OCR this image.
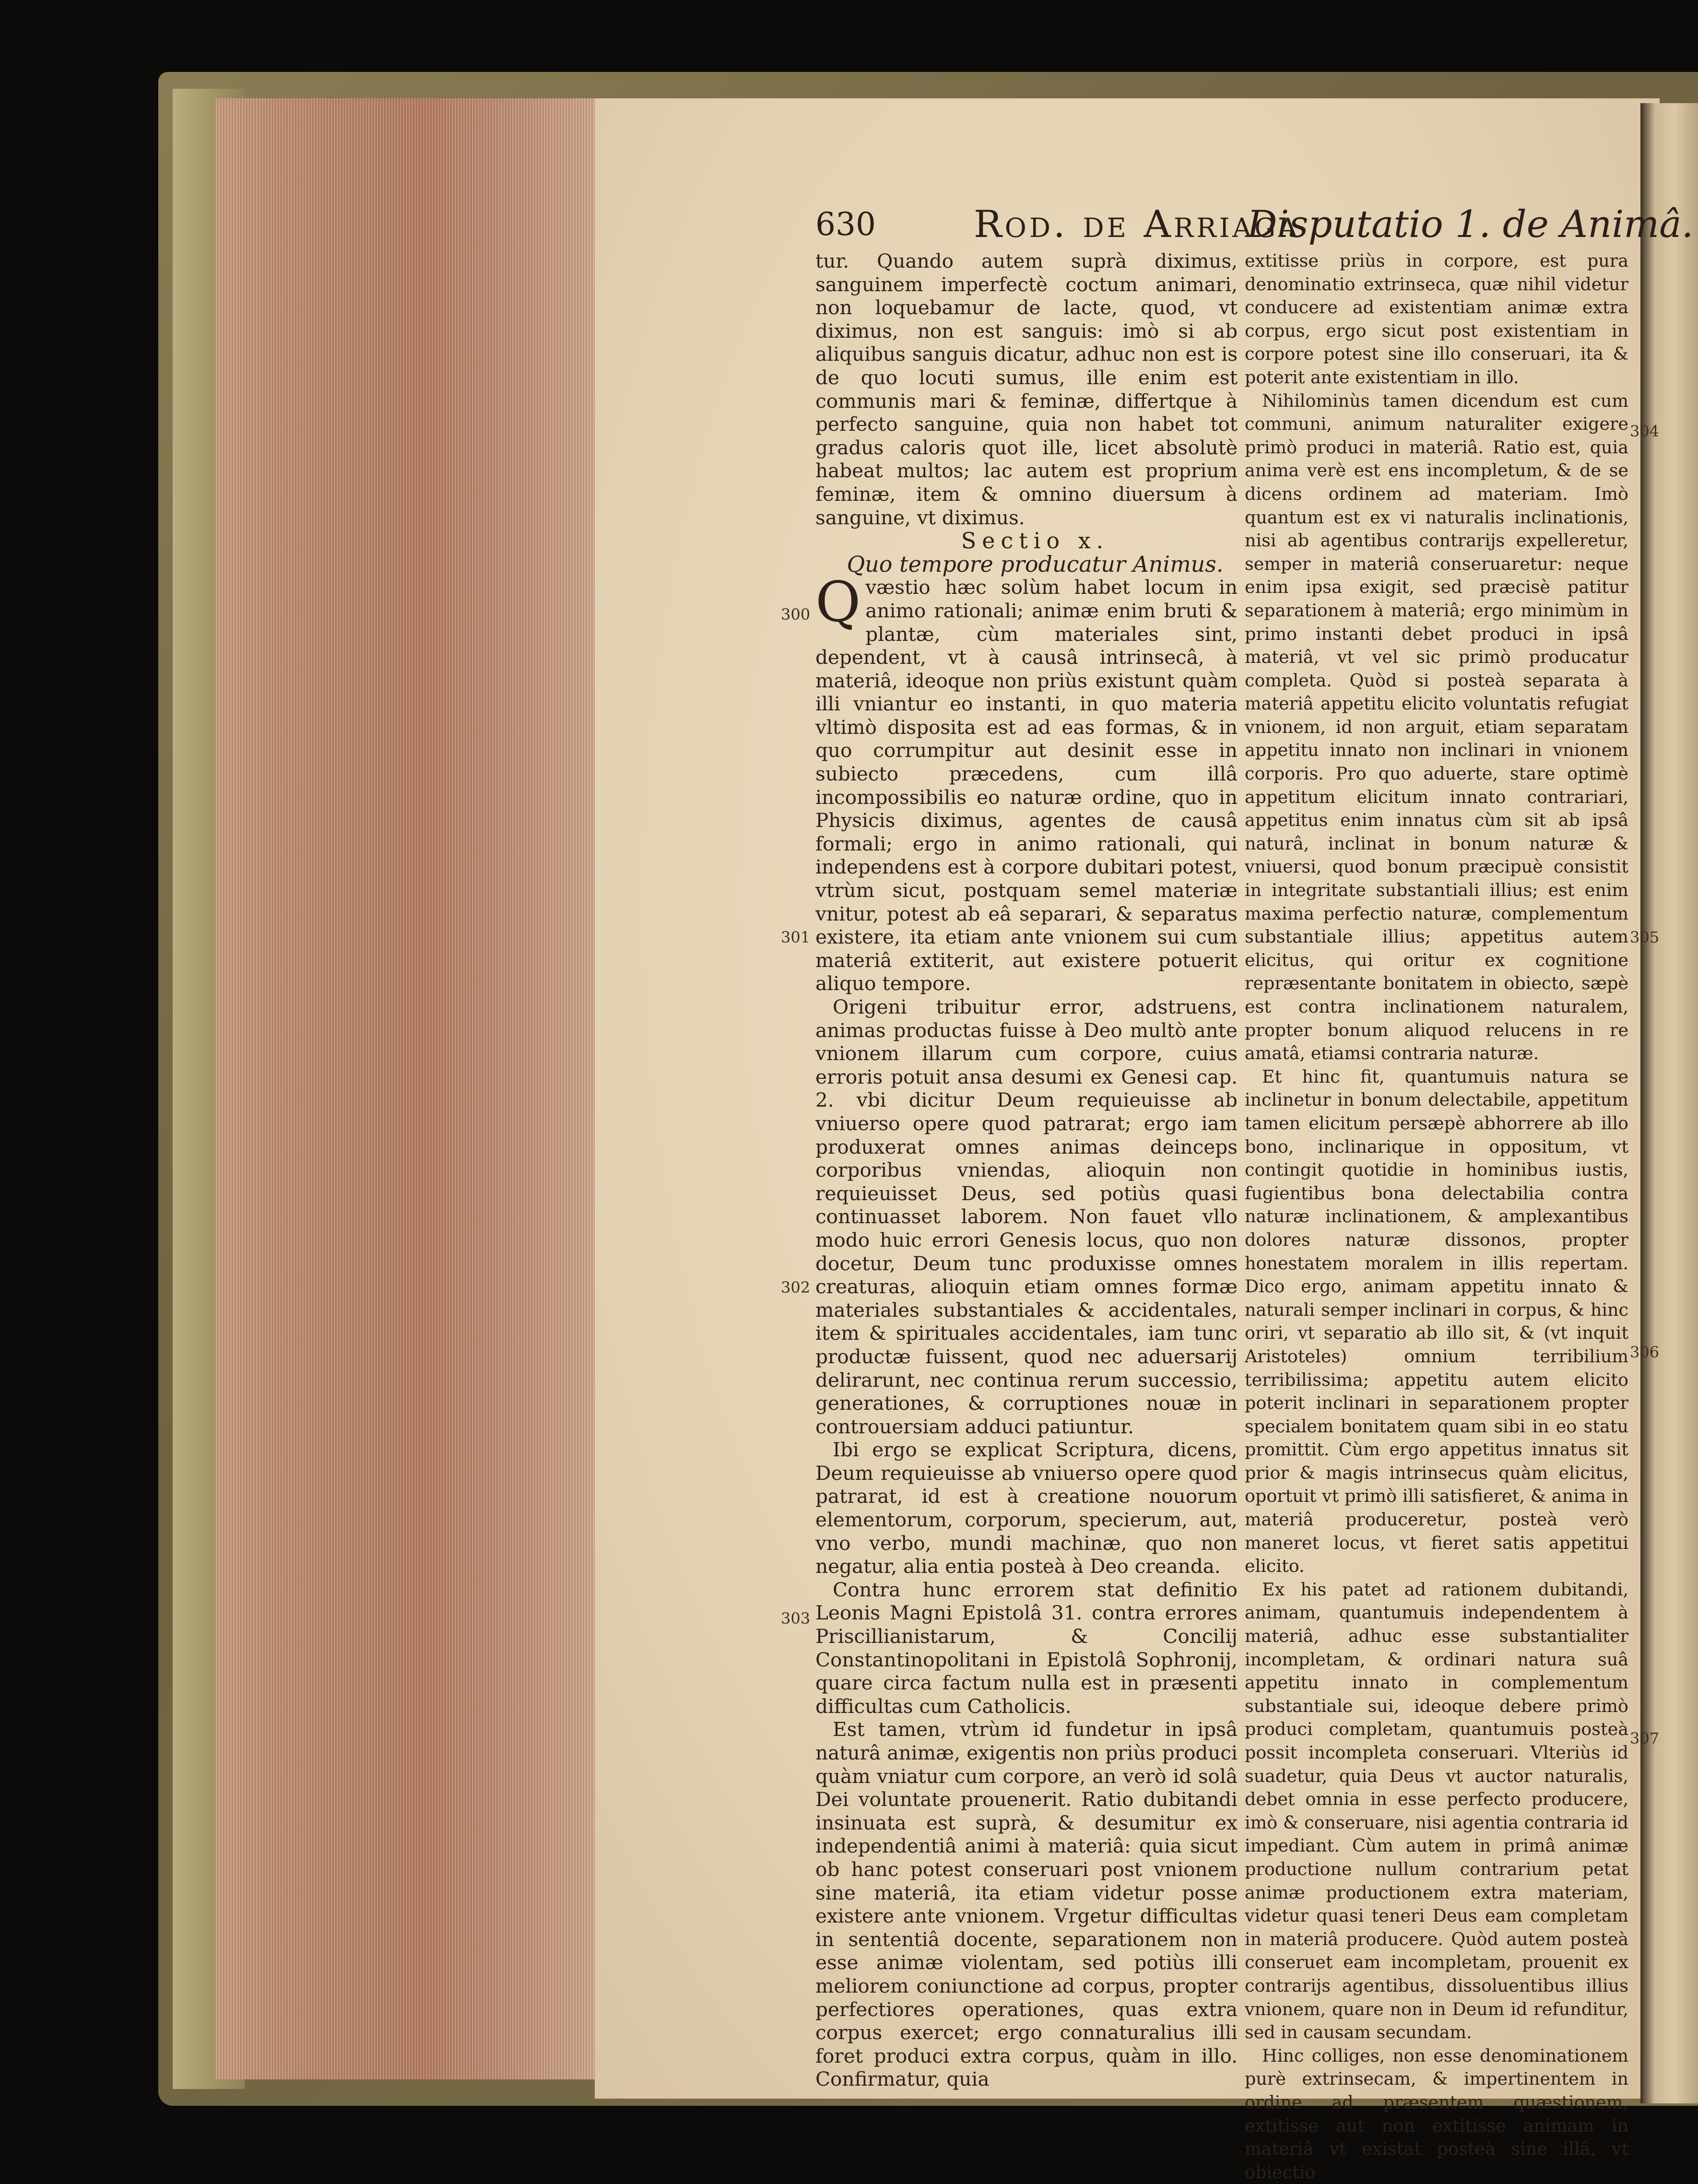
630	Rod. de Arriaga
Disputatio 1. de Animâ.

tur. Quando autem suprà diximus, sanguinem imperfectè coctum animari, non loquebamur de lacte, quod, vt diximus, non est sanguis: imò si ab aliquibus sanguis dicatur, adhuc non est is de quo locuti sumus, ille enim est communis mari & feminæ, differtque à perfecto sanguine, quia non habet tot gradus caloris quot ille, licet absolutè habeat multos; lac autem est proprium feminæ, item & omnino diuersum à sanguine, vt diximus.

Sectio x.

Quo tempore producatur Animus.

Qvæstio hæc solùm habet locum in animo rationali; animæ enim bruti & plantæ, cùm materiales sint, dependent, vt à causâ intrinsecâ, à materiâ, ideoque non priùs existunt quàm illi vniantur eo instanti, in quo materia vltimò disposita est ad eas formas, & in quo corrumpitur aut desinit esse in subiecto præcedens, cum illâ incompossibilis eo naturæ ordine, quo in Physicis diximus, agentes de causâ formali; ergo in animo rationali, qui independens est à corpore dubitari potest, vtrùm sicut, postquam semel materiæ vnitur, potest ab eâ separari, & separatus existere, ita etiam ante vnionem sui cum materiâ extiterit, aut existere potuerit aliquo tempore.

Origeni tribuitur error, adstruens, animas productas fuisse à Deo multò ante vnionem illarum cum corpore, cuius erroris potuit ansa desumi ex Genesi cap. 2. vbi dicitur Deum requieuisse ab vniuerso opere quod patrarat; ergo iam produxerat omnes animas deinceps corporibus vniendas, alioquin non requieuisset Deus, sed potiùs quasi continuasset laborem. Non fauet vllo modo huic errori Genesis locus, quo non docetur, Deum tunc produxisse omnes creaturas, alioquin etiam omnes formæ materiales substantiales & accidentales, item & spirituales accidentales, iam tunc productæ fuissent, quod nec aduersarij delirarunt, nec continua rerum successio, generationes, & corruptiones nouæ in controuersiam adduci patiuntur.

Ibi ergo se explicat Scriptura, dicens, Deum requieuisse ab vniuerso opere quod patrarat, id est à creatione nouorum elementorum, corporum, specierum, aut, vno verbo, mundi machinæ, quo non negatur, alia entia posteà à Deo creanda.

Contra hunc errorem stat definitio Leonis Magni Epistolâ 31. contra errores Priscillianistarum, & Concilij Constantinopolitani in Epistolâ Sophronij, quare circa factum nulla est in præsenti difficultas cum Catholicis.

Est tamen, vtrùm id fundetur in ipsâ naturâ animæ, exigentis non priùs produci quàm vniatur cum corpore, an verò id solâ Dei voluntate prouenerit. Ratio dubitandi insinuata est suprà, & desumitur ex independentiâ animi à materiâ: quia sicut ob hanc potest conseruari post vnionem sine materiâ, ita etiam videtur posse existere ante vnionem. Vrgetur difficultas in sententiâ docente, separationem non esse animæ violentam, sed potiùs illi meliorem coniunctione ad corpus, propter perfectiores operationes, quas extra corpus exercet; ergo connaturalius illi foret produci extra corpus, quàm in illo. Confirmatur, quia

extitisse priùs in corpore, est pura denominatio extrinseca, quæ nihil videtur conducere ad existentiam animæ extra corpus, ergo sicut post existentiam in corpore potest sine illo conseruari, ita & poterit ante existentiam in illo.

Nihilominùs tamen dicendum est cum communi, animum naturaliter exigere primò produci in materiâ. Ratio est, quia anima verè est ens incompletum, & de se dicens ordinem ad materiam. Imò quantum est ex vi naturalis inclinationis, nisi ab agentibus contrarijs expelleretur, semper in materiâ conseruaretur: neque enim ipsa exigit, sed præcisè patitur separationem à materiâ; ergo minimùm in primo instanti debet produci in ipsâ materiâ, vt vel sic primò producatur completa. Quòd si posteà separata à materiâ appetitu elicito voluntatis refugiat vnionem, id non arguit, etiam separatam appetitu innato non inclinari in vnionem corporis. Pro quo aduerte, stare optimè appetitum elicitum innato contrariari, appetitus enim innatus cùm sit ab ipsâ naturâ, inclinat in bonum naturæ & vniuersi, quod bonum præcipuè consistit in integritate substantiali illius; est enim maxima perfectio naturæ, complementum substantiale illius; appetitus autem elicitus, qui oritur ex cognitione repræsentante bonitatem in obiecto, sæpè est contra inclinationem naturalem, propter bonum aliquod relucens in re amatâ, etiamsi contraria naturæ.

Et hinc fit, quantumuis natura se inclinetur in bonum delectabile, appetitum tamen elicitum persæpè abhorrere ab illo bono, inclinarique in oppositum, vt contingit quotidie in hominibus iustis, fugientibus bona delectabilia contra naturæ inclinationem, & amplexantibus dolores naturæ dissonos, propter honestatem moralem in illis repertam. Dico ergo, animam appetitu innato & naturali semper inclinari in corpus, & hinc oriri, vt separatio ab illo sit, & (vt inquit Aristoteles) omnium terribilium terribilissima; appetitu autem elicito poterit inclinari in separationem propter specialem bonitatem quam sibi in eo statu promittit. Cùm ergo appetitus innatus sit prior & magis intrinsecus quàm elicitus, oportuit vt primò illi satisfieret, & anima in materiâ produceretur, posteà verò maneret locus, vt fieret satis appetitui elicito.

Ex his patet ad rationem dubitandi, animam, quantumuis independentem à materiâ, adhuc esse substantialiter incompletam, & ordinari natura suâ appetitu innato in complementum substantiale sui, ideoque debere primò produci completam, quantumuis posteà possit incompleta conseruari. Vlteriùs id suadetur, quia Deus vt auctor naturalis, debet omnia in esse perfecto producere, imò & conseruare, nisi agentia contraria id impediant. Cùm autem in primâ animæ productione nullum contrarium petat animæ productionem extra materiam, videtur quasi teneri Deus eam completam in materiâ producere. Quòd autem posteà conseruet eam incompletam, prouenit ex contrarijs agentibus, dissoluentibus illius vnionem, quare non in Deum id refunditur, sed in causam secundam.

Hinc colliges, non esse denominationem purè extrinsecam, & impertinentem in ordine ad præsentem quæstionem, extitisse aut non extitisse animam in materiâ vt existat posteà sine illâ, vt obiectio

300
301
302
303
304
305
306
307
